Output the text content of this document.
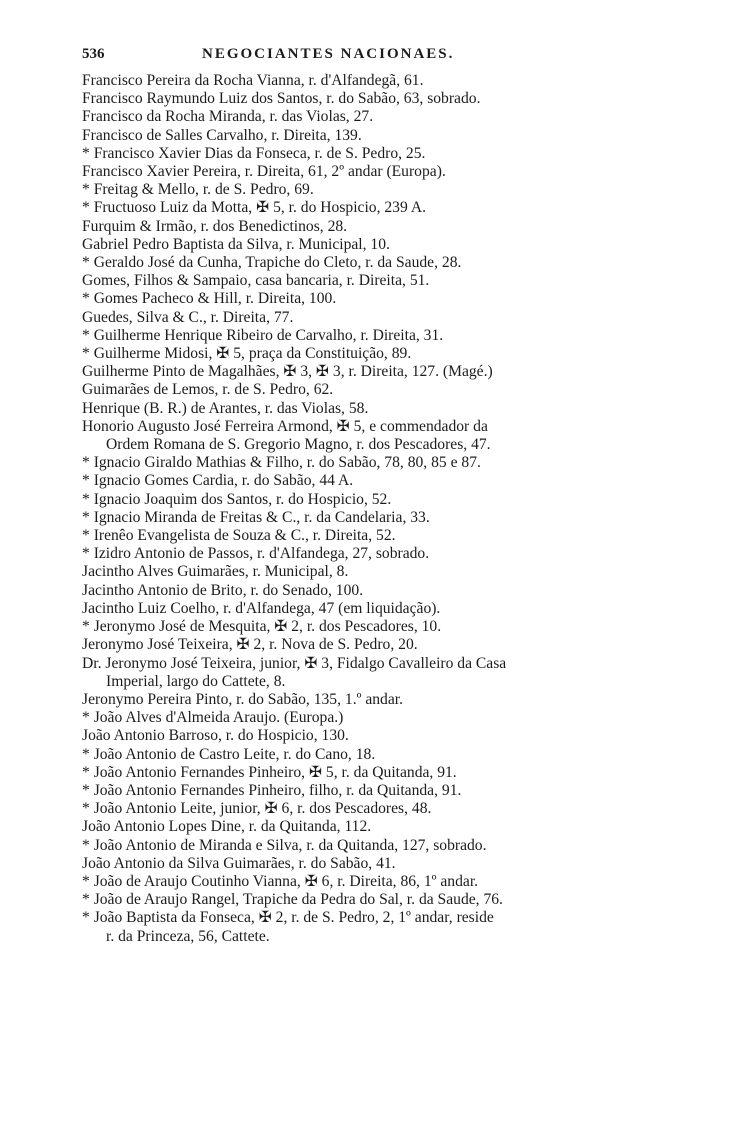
536	NEGOCIANTES NACIONAES.
Francisco Pereira da Rocha Vianna, r. d'Alfandegã, 61.
Francisco Raymundo Luiz dos Santos, r. do Sabão, 63, sobrado.
Francisco da Rocha Miranda, r. das Violas, 27.
Francisco de Salles Carvalho, r. Direita, 139.
* Francisco Xavier Dias da Fonseca, r. de S. Pedro, 25.
Francisco Xavier Pereira, r. Direita, 61, 2º andar (Europa).
* Freitag & Mello, r. de S. Pedro, 69.
* Fructuoso Luiz da Motta, ✠ 5, r. do Hospicio, 239 A.
Furquim & Irmão, r. dos Benedictinos, 28.
Gabriel Pedro Baptista da Silva, r. Municipal, 10.
* Geraldo José da Cunha, Trapiche do Cleto, r. da Saude, 28.
Gomes, Filhos & Sampaio, casa bancaria, r. Direita, 51.
* Gomes Pacheco & Hill, r. Direita, 100.
Guedes, Silva & C., r. Direita, 77.
* Guilherme Henrique Ribeiro de Carvalho, r. Direita, 31.
* Guilherme Midosi, ✠ 5, praça da Constituição, 89.
Guilherme Pinto de Magalhães, ✠ 3, ✠ 3, r. Direita, 127. (Magé.)
Guimarães de Lemos, r. de S. Pedro, 62.
Henrique (B. R.) de Arantes, r. das Violas, 58.
Honorio Augusto José Ferreira Armond, ✠ 5, e commendador da
Ordem Romana de S. Gregorio Magno, r. dos Pescadores, 47.
* Ignacio Giraldo Mathias & Filho, r. do Sabão, 78, 80, 85 e 87.
* Ignacio Gomes Cardia, r. do Sabão, 44 A.
* Ignacio Joaquim dos Santos, r. do Hospicio, 52.
* Ignacio Miranda de Freitas & C., r. da Candelaria, 33.
* Irenêo Evangelista de Souza & C., r. Direita, 52.
* Izidro Antonio de Passos, r. d'Alfandega, 27, sobrado.
Jacintho Alves Guimarães, r. Municipal, 8.
Jacintho Antonio de Brito, r. do Senado, 100.
Jacintho Luiz Coelho, r. d'Alfandega, 47 (em liquidação).
* Jeronymo José de Mesquita, ✠ 2, r. dos Pescadores, 10.
Jeronymo José Teixeira, ✠ 2, r. Nova de S. Pedro, 20.
Dr. Jeronymo José Teixeira, junior, ✠ 3, Fidalgo Cavalleiro da Casa
Imperial, largo do Cattete, 8.
Jeronymo Pereira Pinto, r. do Sabão, 135, 1.º andar.
* João Alves d'Almeida Araujo. (Europa.)
João Antonio Barroso, r. do Hospicio, 130.
* João Antonio de Castro Leite, r. do Cano, 18.
* João Antonio Fernandes Pinheiro, ✠ 5, r. da Quitanda, 91.
* João Antonio Fernandes Pinheiro, filho, r. da Quitanda, 91.
* João Antonio Leite, junior, ✠ 6, r. dos Pescadores, 48.
João Antonio Lopes Dine, r. da Quitanda, 112.
* João Antonio de Miranda e Silva, r. da Quitanda, 127, sobrado.
João Antonio da Silva Guimarães, r. do Sabão, 41.
* João de Araujo Coutinho Vianna, ✠ 6, r. Direita, 86, 1º andar.
* João de Araujo Rangel, Trapiche da Pedra do Sal, r. da Saude, 76.
* João Baptista da Fonseca, ✠ 2, r. de S. Pedro, 2, 1º andar, reside
r. da Princeza, 56, Cattete.
